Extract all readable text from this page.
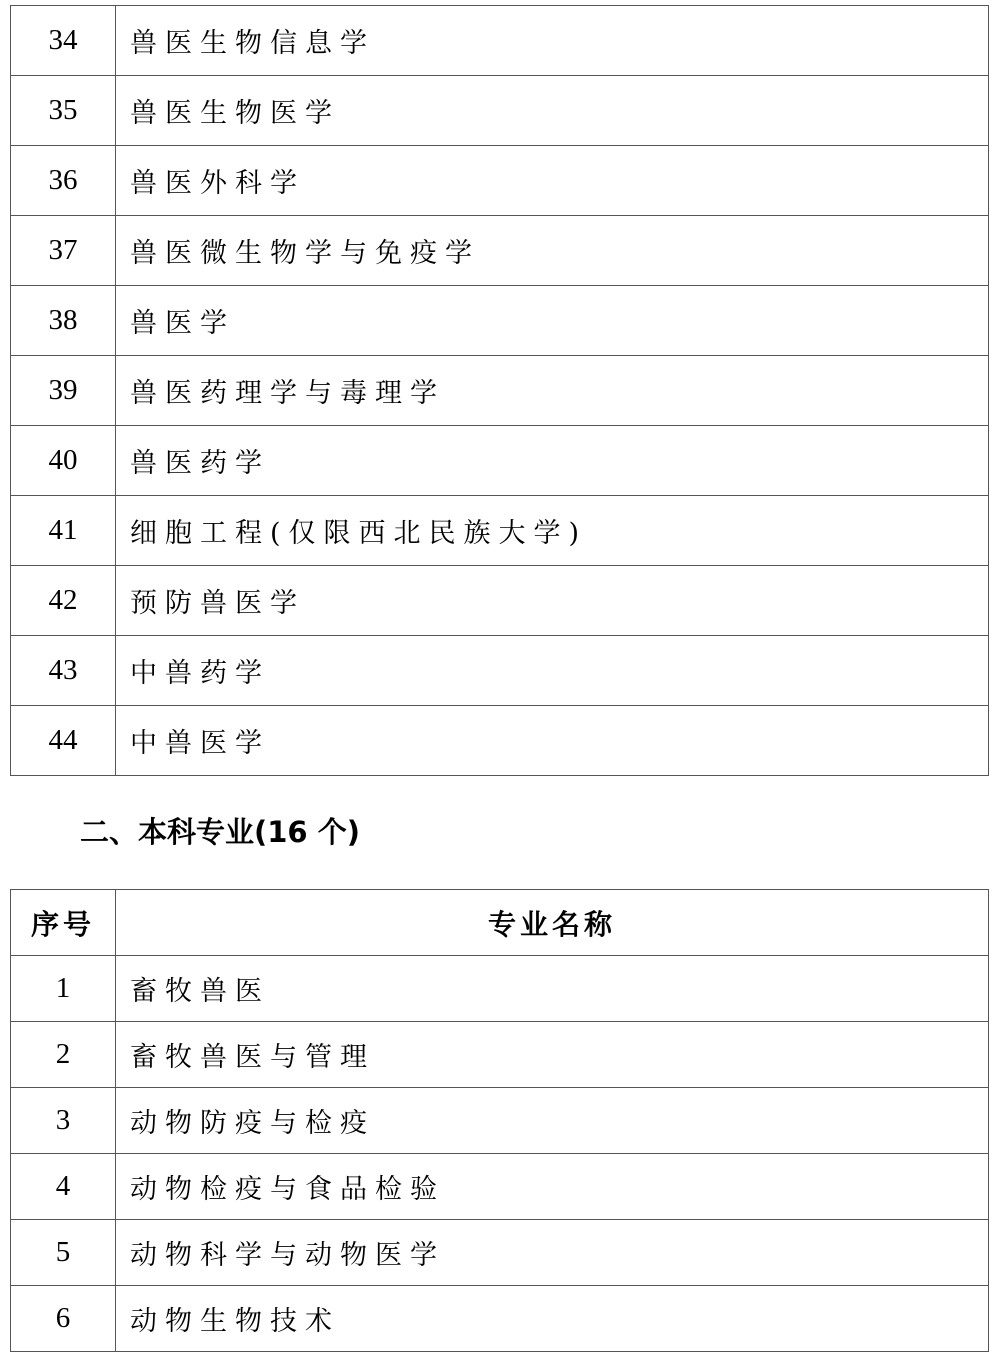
34	兽医生物信息学
35	兽医生物医学
36	兽医外科学
37	兽医微生物学与免疫学
38	兽医学
39	兽医药理学与毒理学
40	兽医药学
41	细胞工程(仅限西北民族大学)
42	预防兽医学
43	中兽药学
44	中兽医学
二、本科专业(16 个)
序号	专业名称
1	畜牧兽医
2	畜牧兽医与管理
3	动物防疫与检疫
4	动物检疫与食品检验
5	动物科学与动物医学
6	动物生物技术
